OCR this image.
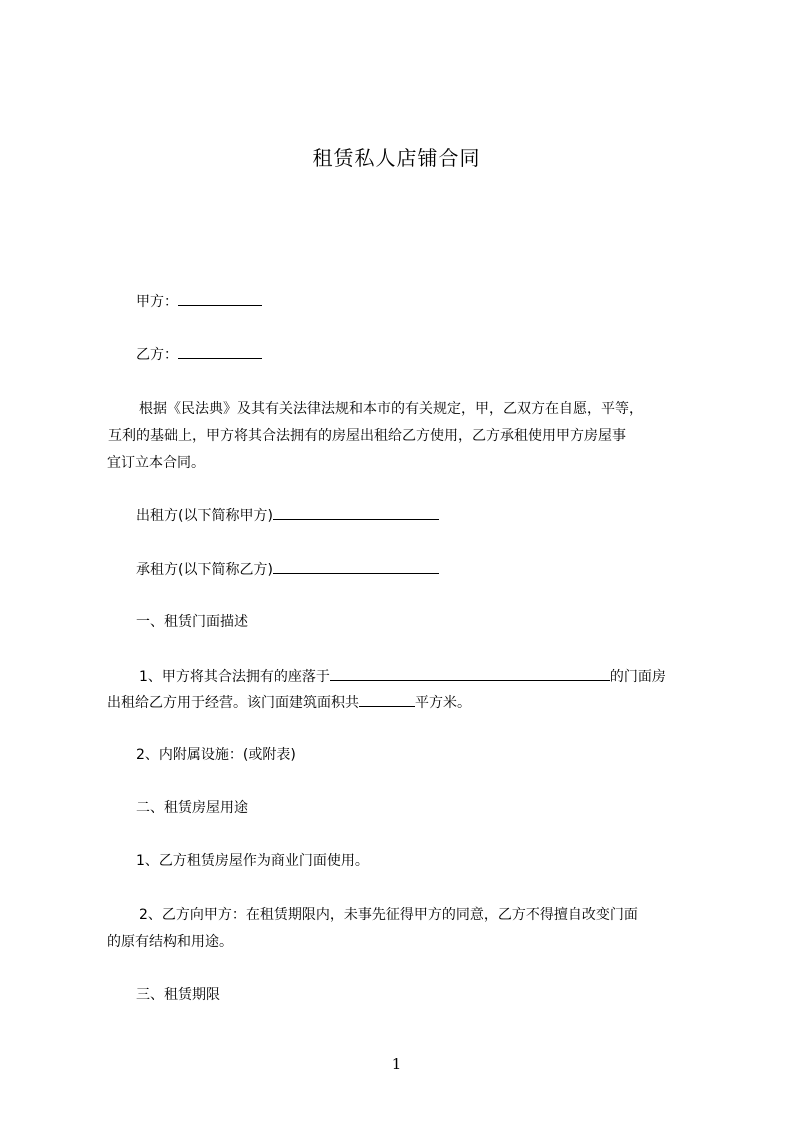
租赁私人店铺合同
甲方：
乙方：
根据《民法典》及其有关法律法规和本市的有关规定，甲，乙双方在自愿，平等，
互利的基础上，甲方将其合法拥有的房屋出租给乙方使用，乙方承租使用甲方房屋事
宜订立本合同。
出租方(以下简称甲方)
承租方(以下简称乙方)
一、租赁门面描述
1、甲方将其合法拥有的座落于	的门面房
出租给乙方用于经营。该门面建筑面积共	平方米。
2、内附属设施：(或附表)
二、租赁房屋用途
1、乙方租赁房屋作为商业门面使用。
2、乙方向甲方：在租赁期限内，未事先征得甲方的同意，乙方不得擅自改变门面
的原有结构和用途。
三、租赁期限
1
